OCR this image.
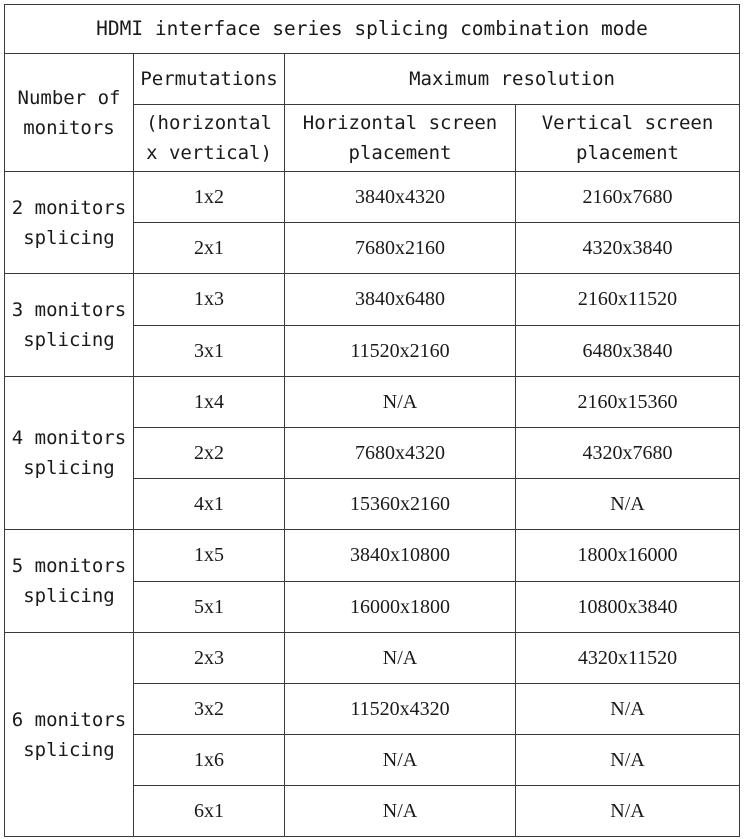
HDMI interface series splicing combination mode			
Number of monitors	Permutations	Maximum resolution	
	(horizontal x vertical)	Horizontal screen placement	Vertical screen placement
2 monitors splicing	1x2	3840x4320	2160x7680
	2x1	7680x2160	4320x3840
3 monitors splicing	1x3	3840x6480	2160x11520
	3x1	11520x2160	6480x3840
4 monitors splicing	1x4	N/A	2160x15360
	2x2	7680x4320	4320x7680
	4x1	15360x2160	N/A
5 monitors splicing	1x5	3840x10800	1800x16000
	5x1	16000x1800	10800x3840
6 monitors splicing	2x3	N/A	4320x11520
	3x2	11520x4320	N/A
	1x6	N/A	N/A
	6x1	N/A	N/A
